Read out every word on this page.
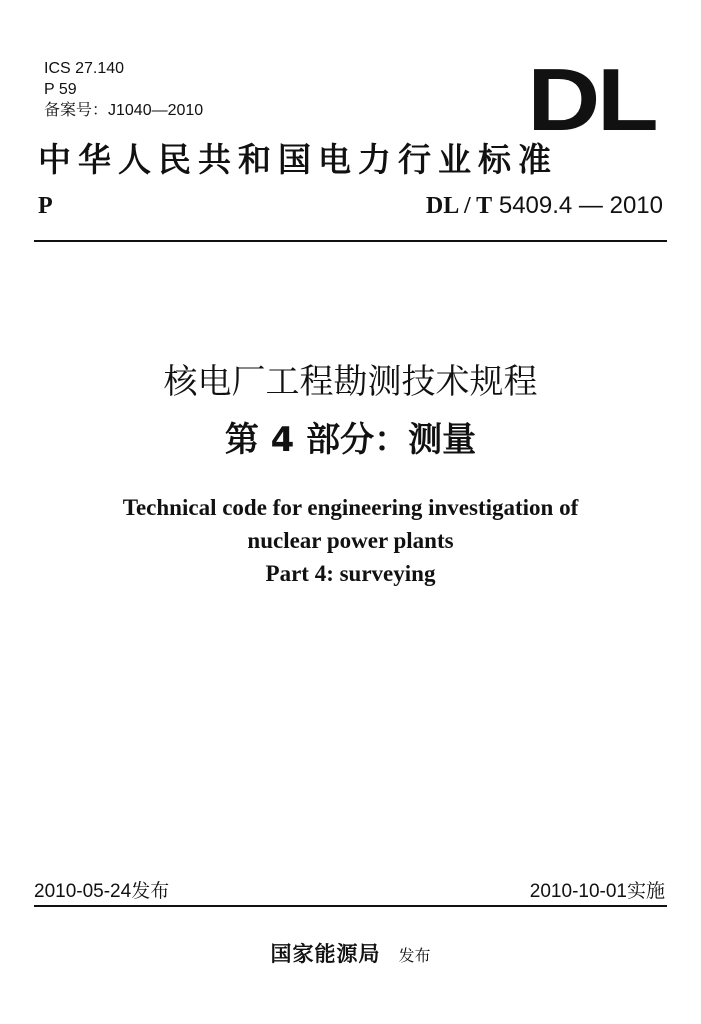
ICS 27.140
P 59
备案号：J1040—2010	DL
中华人民共和国电力行业标准
P	DL / T 5409.4 — 2010
核电厂工程勘测技术规程
第 4 部分：测量
Technical code for engineering investigation of
nuclear power plants
Part 4: surveying
2010-05-24发布	2010-10-01实施
国家能源局 发布
